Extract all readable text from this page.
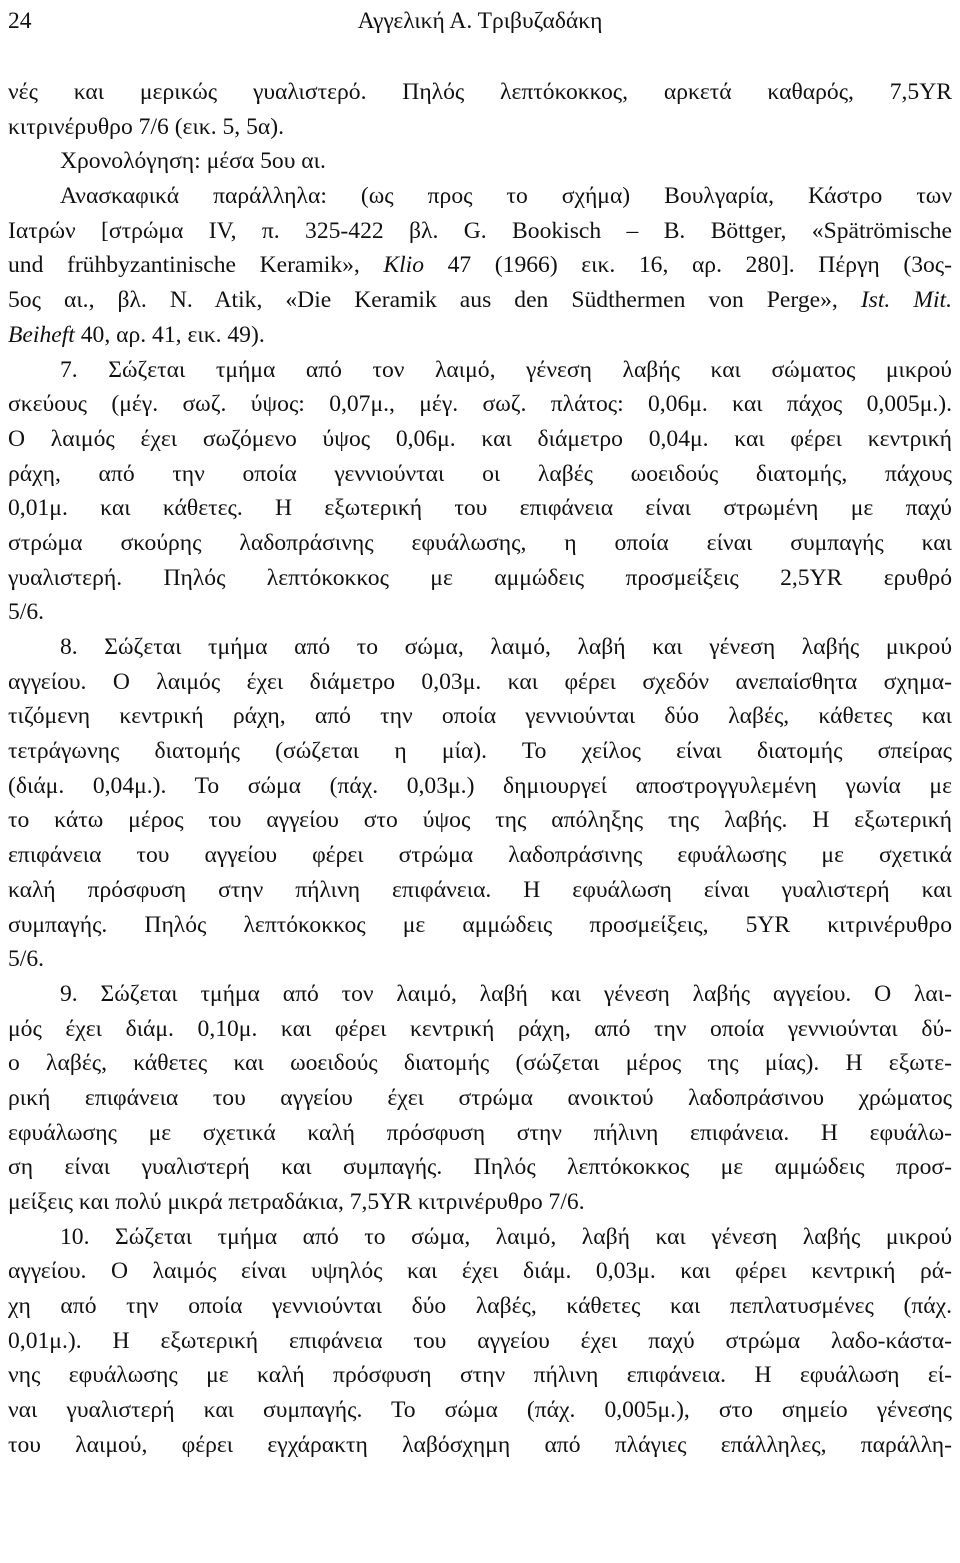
24	Αγγελική Α. Τριβυζαδάκη
νές και μερικώς γυαλιστερό. Πηλός λεπτόκοκκος, αρκετά καθαρός, 7,5YR
κιτρινέρυθρο 7/6 (εικ. 5, 5α).
Χρονολόγηση: μέσα 5ου αι.
Ανασκαφικά παράλληλα: (ως προς το σχήμα) Βουλγαρία, Κάστρο των
Ιατρών [στρώμα IV, π. 325-422 βλ. G. Bookisch – B. Böttger, «Spätrömische
und frühbyzantinische Keramik», Klio 47 (1966) εικ. 16, αρ. 280]. Πέργη (3ος-
5ος αι., βλ. N. Atik, «Die Keramik aus den Südthermen von Perge», Ist. Mit.
Beiheft 40, αρ. 41, εικ. 49).
7. Σώζεται τμήμα από τον λαιμό, γένεση λαβής και σώματος μικρού
σκεύους (μέγ. σωζ. ύψος: 0,07μ., μέγ. σωζ. πλάτος: 0,06μ. και πάχος 0,005μ.).
Ο λαιμός έχει σωζόμενο ύψος 0,06μ. και διάμετρο 0,04μ. και φέρει κεντρική
ράχη, από την οποία γεννιούνται οι λαβές ωοειδούς διατομής, πάχους
0,01μ. και κάθετες. Η εξωτερική του επιφάνεια είναι στρωμένη με παχύ
στρώμα σκούρης λαδοπράσινης εφυάλωσης, η οποία είναι συμπαγής και
γυαλιστερή. Πηλός λεπτόκοκκος με αμμώδεις προσμείξεις 2,5YR ερυθρό
5/6.
8. Σώζεται τμήμα από το σώμα, λαιμό, λαβή και γένεση λαβής μικρού
αγγείου. Ο λαιμός έχει διάμετρο 0,03μ. και φέρει σχεδόν ανεπαίσθητα σχημα-
τιζόμενη κεντρική ράχη, από την οποία γεννιούνται δύο λαβές, κάθετες και
τετράγωνης διατομής (σώζεται η μία). Το χείλος είναι διατομής σπείρας
(διάμ. 0,04μ.). Το σώμα (πάχ. 0,03μ.) δημιουργεί αποστρογγυλεμένη γωνία με
το κάτω μέρος του αγγείου στο ύψος της απόληξης της λαβής. Η εξωτερική
επιφάνεια του αγγείου φέρει στρώμα λαδοπράσινης εφυάλωσης με σχετικά
καλή πρόσφυση στην πήλινη επιφάνεια. Η εφυάλωση είναι γυαλιστερή και
συμπαγής. Πηλός λεπτόκοκκος με αμμώδεις προσμείξεις, 5YR κιτρινέρυθρο
5/6.
9. Σώζεται τμήμα από τον λαιμό, λαβή και γένεση λαβής αγγείου. Ο λαι-
μός έχει διάμ. 0,10μ. και φέρει κεντρική ράχη, από την οποία γεννιούνται δύ-
ο λαβές, κάθετες και ωοειδούς διατομής (σώζεται μέρος της μίας). Η εξωτε-
ρική επιφάνεια του αγγείου έχει στρώμα ανοικτού λαδοπράσινου χρώματος
εφυάλωσης με σχετικά καλή πρόσφυση στην πήλινη επιφάνεια. Η εφυάλω-
ση είναι γυαλιστερή και συμπαγής. Πηλός λεπτόκοκκος με αμμώδεις προσ-
μείξεις και πολύ μικρά πετραδάκια, 7,5YR κιτρινέρυθρο 7/6.
10. Σώζεται τμήμα από το σώμα, λαιμό, λαβή και γένεση λαβής μικρού
αγγείου. Ο λαιμός είναι υψηλός και έχει διάμ. 0,03μ. και φέρει κεντρική ρά-
χη από την οποία γεννιούνται δύο λαβές, κάθετες και πεπλατυσμένες (πάχ.
0,01μ.). Η εξωτερική επιφάνεια του αγγείου έχει παχύ στρώμα λαδο-κάστα-
νης εφυάλωσης με καλή πρόσφυση στην πήλινη επιφάνεια. Η εφυάλωση εί-
ναι γυαλιστερή και συμπαγής. Το σώμα (πάχ. 0,005μ.), στο σημείο γένεσης
του λαιμού, φέρει εγχάρακτη λαβόσχημη από πλάγιες επάλληλες, παράλλη-
